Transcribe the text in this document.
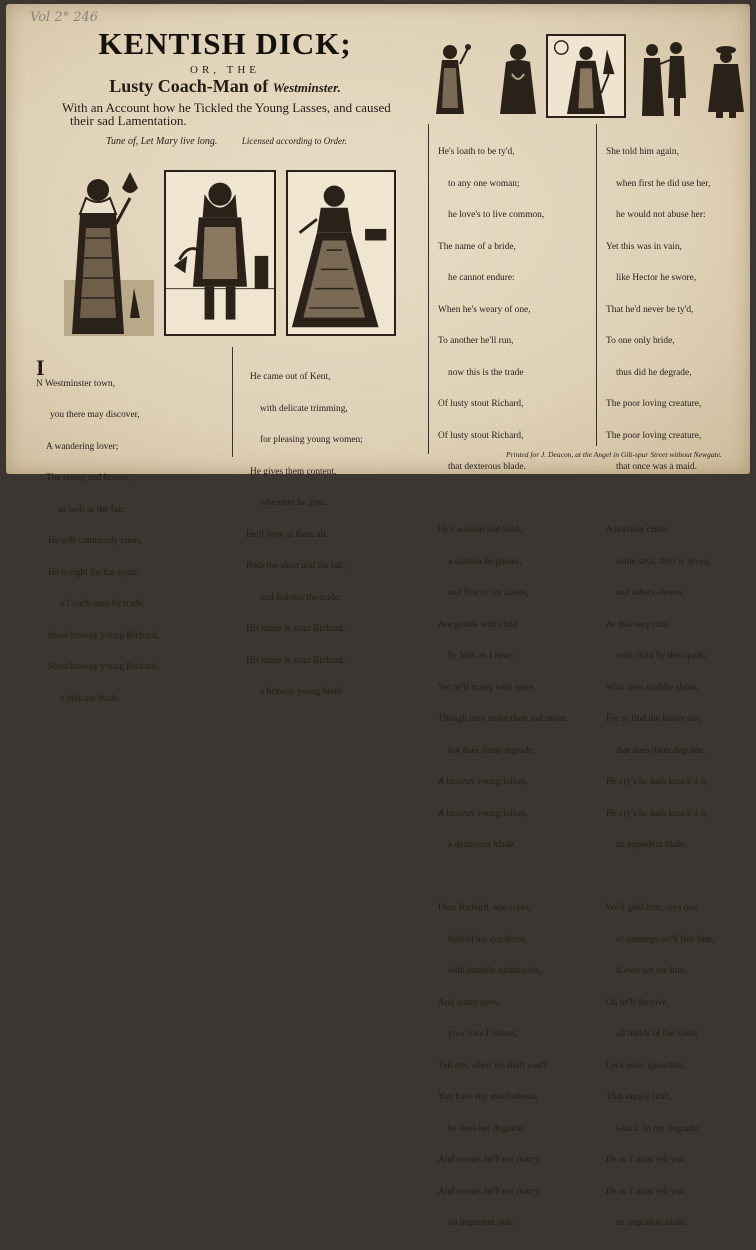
Vol 2° 246
KENTISH DICK;
OR, THE
Lusty Coach-Man of Westminster.
With an Account how he Tickled the Young Lasses, and caused
their sad Lamentation.
Tune of, Let Mary live long.	Licensed according to Order.

I

N Westminster town,

you there may discover,

A wandering lover;

The tawny and brown,

as well as the fair,

He will commonly court,

He is right for the sport:

a Coach-man by trade,

Stout brawny young Richard,

Stout brawny young Richard,

a delicate blade.

He came out of Kent,

with delicate trimming,

for pleasing young women;

He gives them content,

wherever he goes:

He'll have at them all,

Both the short and the tall,

and follows the trade:

His name is stout Richard,

His name is stout Richard,

a brawny young blade.

He's loath to be ty'd,

to any one woman;

he love's to live common,

The name of a bride,

he cannot endure:

When he's weary of one,

To another he'll run,

now this is the trade

Of lusty stout Richard,

Of lusty stout Richard,

that dexterous blade.

He's wanton and wild,

a stallion he passes,

and five or six lasses,

Are gotten with child

by him, as I hear;

Yet he'll marry with none,

Though they make their sad moan,

but does them degrade;

A brawny young fellow,

A brawny young fellow,

a dexterous blade.

Dear Richard, one cryes,

behold my condition,

with humble submission,

And watry eyes,

your love I intreat,

Tell me, when we shall wed?

You have my maidenhead,

be does her degrade,

And swears he'll not marry,

And swears he'll not marry,

no impudent jade.

She told him again,

when first he did use her,

he would not abuse her:

Yet this was in vain,

like Hector he swore,

That he'd never be ty'd,

To one only bride,

thus did he degrade,

The poor loving creature,

The poor loving creature,

that once was a maid.

A horrible crime,

some says, their is seven,

and others eleven,

At this very time

with child by this spark;

Who does waddle about,

For to find the knave out,

that does them degrade:

He cry's he hath knock'd it,

He cry's he hath knock'd it,

an impudent blade.

We'll geld him, says one,

of nutmegs we'll free him,

if ever we see him,

Oh he'll deceive,

all maids of the town:

Let's seize upon him,

That unruly limb,

which do my degrade;

He is, I must tell you,

He is, I must tell you,

an impudent blade.

Printed for J. Deacon, at the Angel in Gilt-spur Street without Newgate.
